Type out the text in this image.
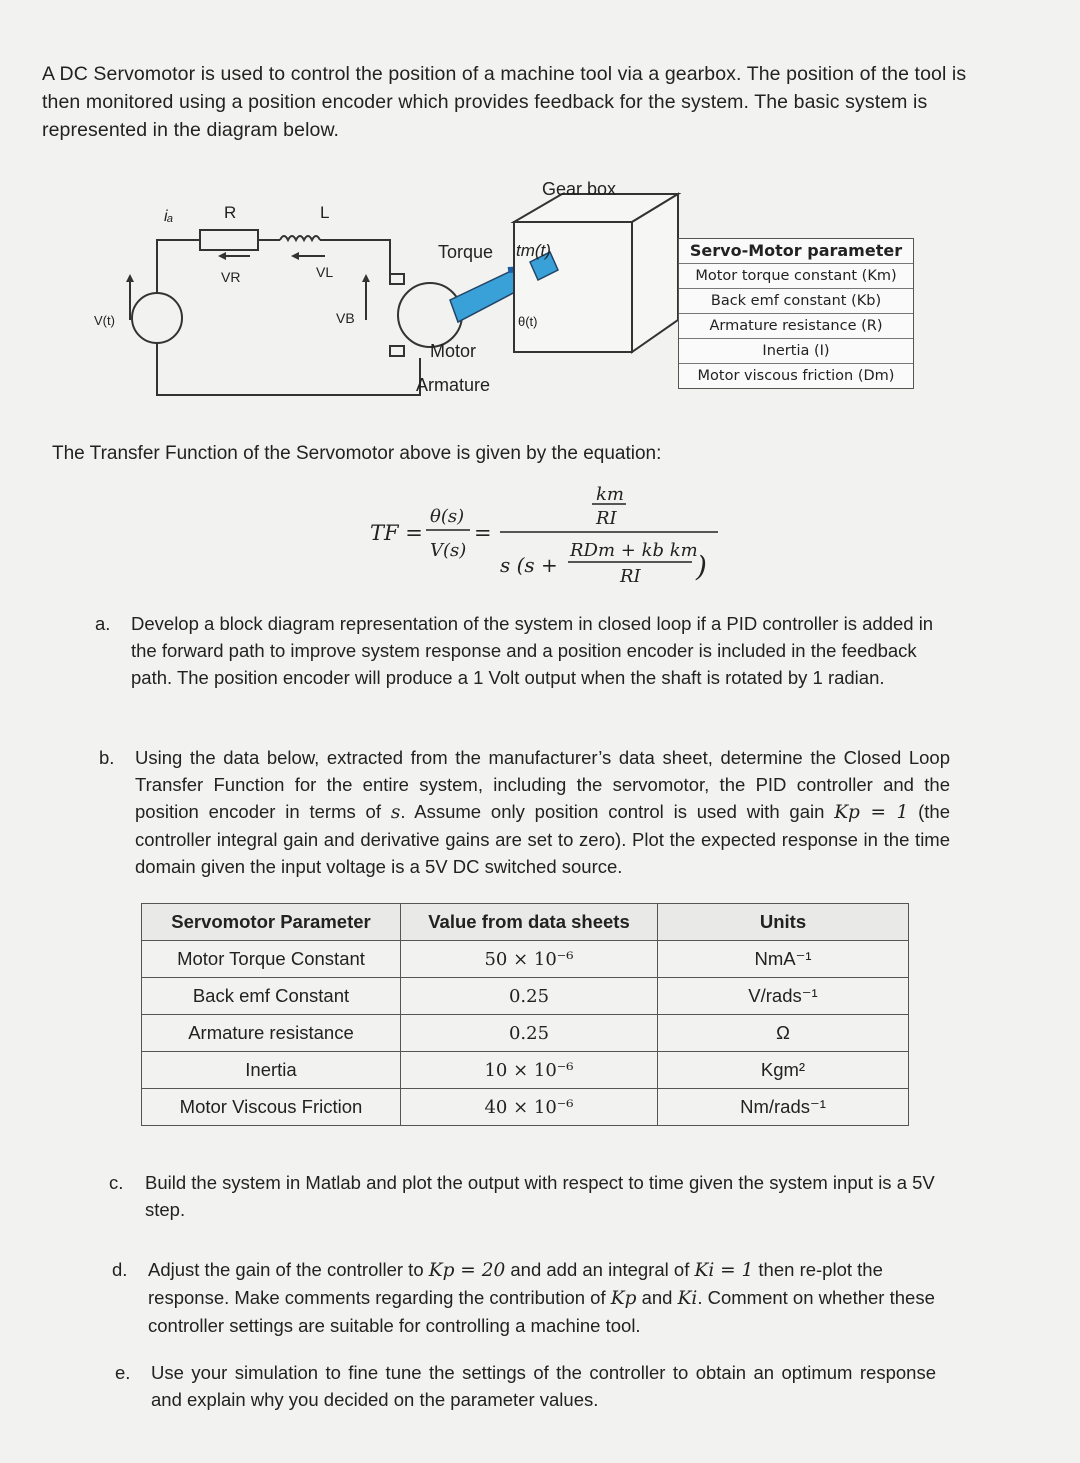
A DC Servomotor is used to control the position of a machine tool via a gearbox. The position of the tool is then monitored using a position encoder which provides feedback for the system. The basic system is represented in the diagram below.
iₐ	R	L
VR	VL
VB
V(t)
Torque tm(t)
θ(t)
Motor
Armature
Gear box
Servo-Motor parameter
Motor torque constant (Km)
Back emf constant (Kb)
Armature resistance (R)
Inertia (I)
Motor viscous friction (Dm)
The Transfer Function of the Servomotor above is given by the equation:
TF =
θ(s)
V(s)
=
km
RI
s (s +
RDm + kb km
RI )
a. Develop a block diagram representation of the system in closed loop if a PID controller is added in the forward path to improve system response and a position encoder is included in the feedback path. The position encoder will produce a 1 Volt output when the shaft is rotated by 1 radian.
b. Using the data below, extracted from the manufacturer’s data sheet, determine the Closed Loop Transfer Function for the entire system, including the servomotor, the PID controller and the position encoder in terms of s. Assume only position control is used with gain Kp = 1 (the controller integral gain and derivative gains are set to zero). Plot the expected response in the time domain given the input voltage is a 5V DC switched source.
Servomotor Parameter	Value from data sheets	Units
Motor Torque Constant	50 × 10⁻⁶	NmA⁻¹
Back emf Constant	0.25	V/rads⁻¹
Armature resistance	0.25	Ω
Inertia	10 × 10⁻⁶	Kgm²
Motor Viscous Friction	40 × 10⁻⁶	Nm/rads⁻¹
c. Build the system in Matlab and plot the output with respect to time given the system input is a 5V step.
d. Adjust the gain of the controller to Kp = 20 and add an integral of Ki = 1 then re-plot the response. Make comments regarding the contribution of Kp and Ki. Comment on whether these controller settings are suitable for controlling a machine tool.
e. Use your simulation to fine tune the settings of the controller to obtain an optimum response and explain why you decided on the parameter values.
